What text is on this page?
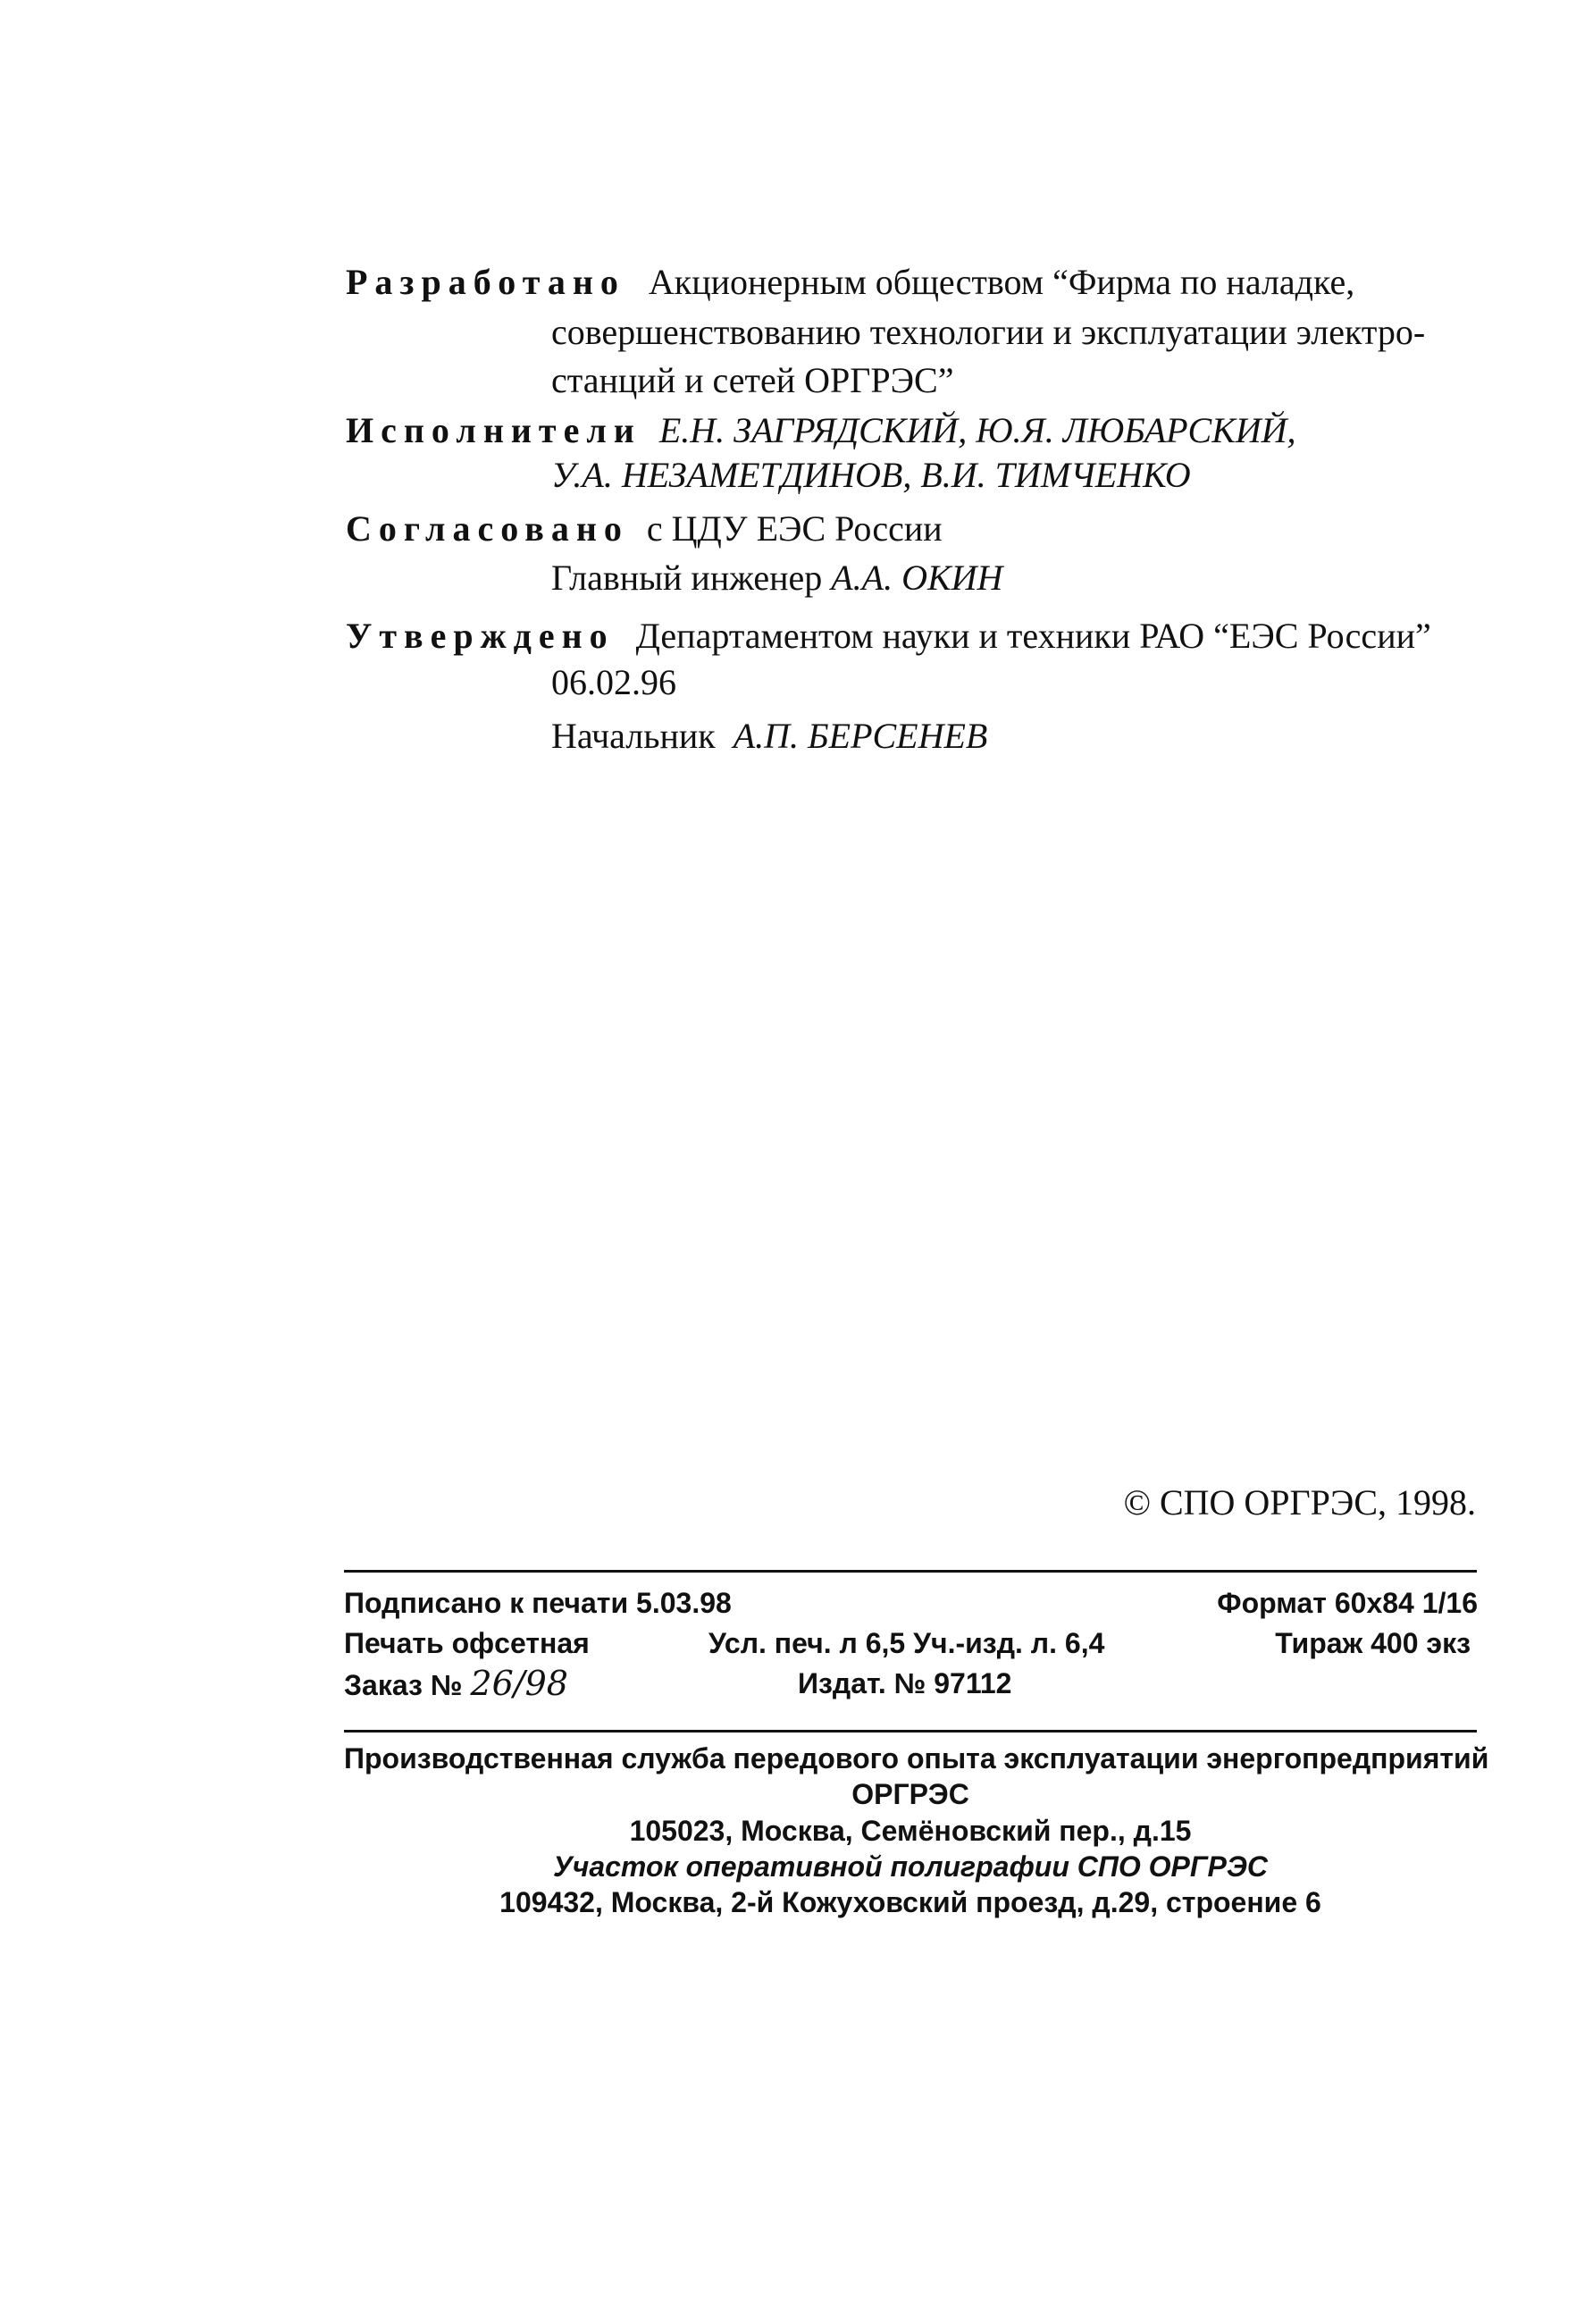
Разработано Акционерным обществом “Фирма по наладке,
совершенствованию технологии и эксплуатации электро-
станций и сетей ОРГРЭС”
Исполнители Е.Н. ЗАГРЯДСКИЙ, Ю.Я. ЛЮБАРСКИЙ,
У.А. НЕЗАМЕТДИНОВ, В.И. ТИМЧЕНКО
Согласовано с ЦДУ ЕЭС России
Главный инженер А.А. ОКИН
Утверждено Департаментом науки и техники РАО “ЕЭС России”
06.02.96
Начальник А.П. БЕРСЕНЕВ
© СПО ОРГРЭС, 1998.
Подписано к печати 5.03.98	Формат 60х84 1/16
Печать офсетная	Усл. печ. л 6,5 Уч.-изд. л. 6,4	Тираж 400 экз
Заказ № 26/98	Издат. № 97112
Производственная служба передового опыта эксплуатации энергопредприятий
ОРГРЭС
105023, Москва, Семёновский пер., д.15
Участок оперативной полиграфии СПО ОРГРЭС
109432, Москва, 2-й Кожуховский проезд, д.29, строение 6
